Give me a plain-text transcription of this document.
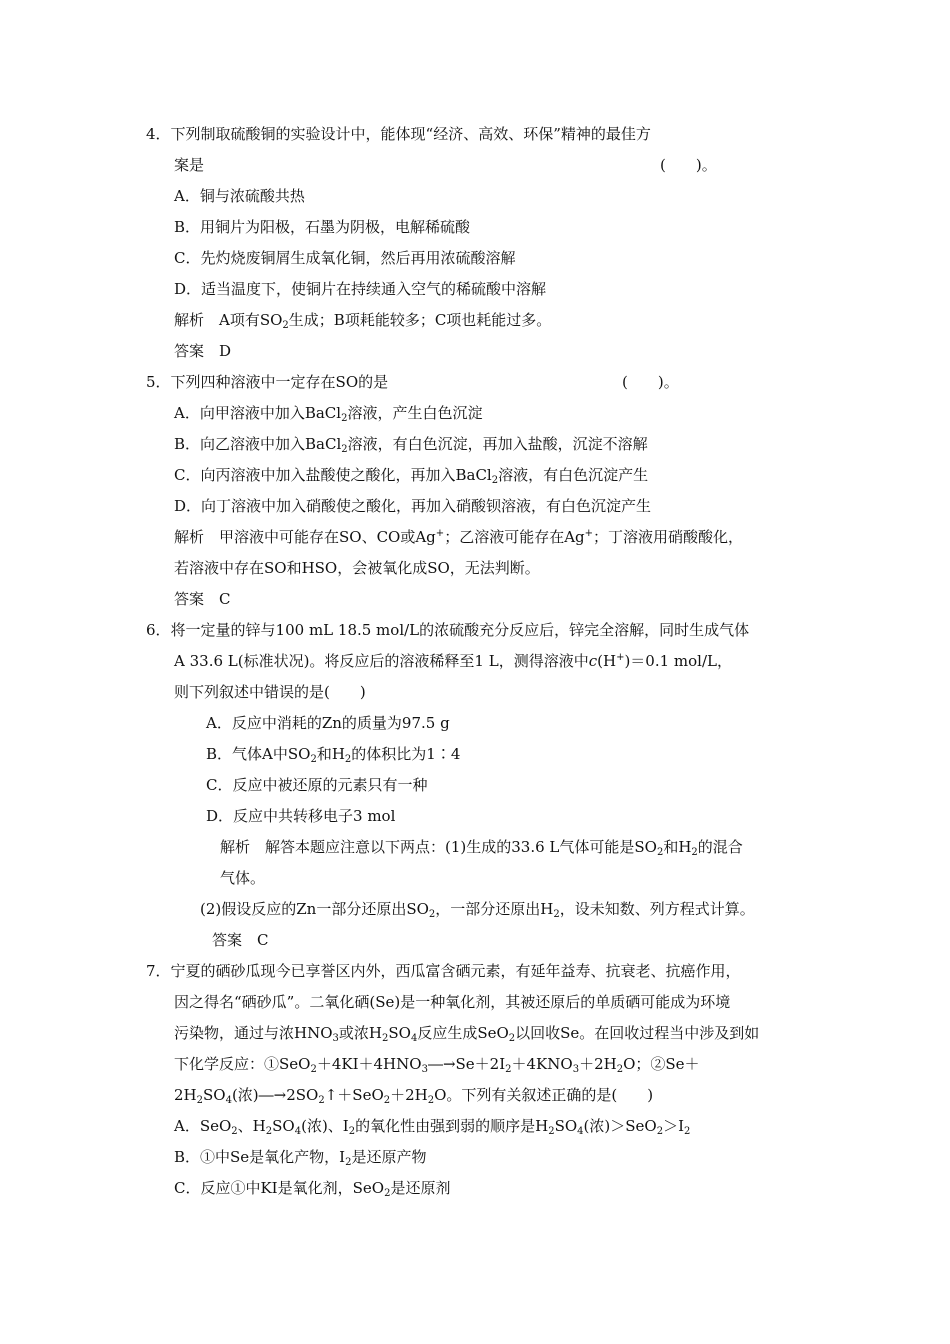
4．下列制取硫酸铜的实验设计中，能体现“经济、高效、环保”精神的最佳方
案是	(　　)。
A．铜与浓硫酸共热
B．用铜片为阳极，石墨为阴极，电解稀硫酸
C．先灼烧废铜屑生成氧化铜，然后再用浓硫酸溶解
D．适当温度下，使铜片在持续通入空气的稀硫酸中溶解
解析　A项有$SO_2$生成；B项耗能较多；C项也耗能过多。
答案　D
5．下列四种溶液中一定存在SO的是	(　　)。
A．向甲溶液中加入BaCl$_2$溶液，产生白色沉淀
B．向乙溶液中加入BaCl$_2$溶液，有白色沉淀，再加入盐酸，沉淀不溶解
C．向丙溶液中加入盐酸使之酸化，再加入BaCl$_2$溶液，有白色沉淀产生
D．向丁溶液中加入硝酸使之酸化，再加入硝酸钡溶液，有白色沉淀产生
解析　甲溶液中可能存在SO、CO或Ag+；乙溶液可能存在Ag+；丁溶液用硝酸酸化，
若溶液中存在SO和HSO，会被氧化成SO，无法判断。
答案　C
6．将一定量的锌与100 mL 18.5 mol/L的浓硫酸充分反应后，锌完全溶解，同时生成气体
A 33.6 L(标准状况)。将反应后的溶液稀释至1 L，测得溶液中c(H+)＝0.1 mol/L，
则下列叙述中错误的是(　　)
A．反应中消耗的Zn的质量为97.5 g
B．气体A中$SO_2$和$H_2$的体积比为1∶4
C．反应中被还原的元素只有一种
D．反应中共转移电子3 mol
解析　解答本题应注意以下两点：(1)生成的33.6 L气体可能是$SO_2$和$H_2$的混合
气体。
(2)假设反应的Zn一部分还原出$SO_2$，一部分还原出$H_2$，设未知数、列方程式计算。
答案　C
7．宁夏的硒砂瓜现今已享誉区内外，西瓜富含硒元素，有延年益寿、抗衰老、抗癌作用，
因之得名“硒砂瓜”。二氧化硒(Se)是一种氧化剂，其被还原后的单质硒可能成为环境
污染物，通过与浓$HNO_3$或浓$H_2SO_4$反应生成SeO$_2$以回收Se。在回收过程当中涉及到如
下化学反应：$①SeO_2+4KI+4HNO_3―\to Se+2I_2+4KNO_3+2H_2O$；②Se＋
$2H_2SO_4$(浓)$―\to 2SO_2↑+SeO_2+2H_2O$。下列有关叙述正确的是(　　)
A．SeO$_2$、$H_2SO_4$(浓)、$I_2$的氧化性由强到弱的顺序是$H_2SO_4$(浓)$>SeO_2>I_2$
B．①中Se是氧化产物，$I_2$是还原产物
C．反应①中KI是氧化剂，SeO$_2$是还原剂
